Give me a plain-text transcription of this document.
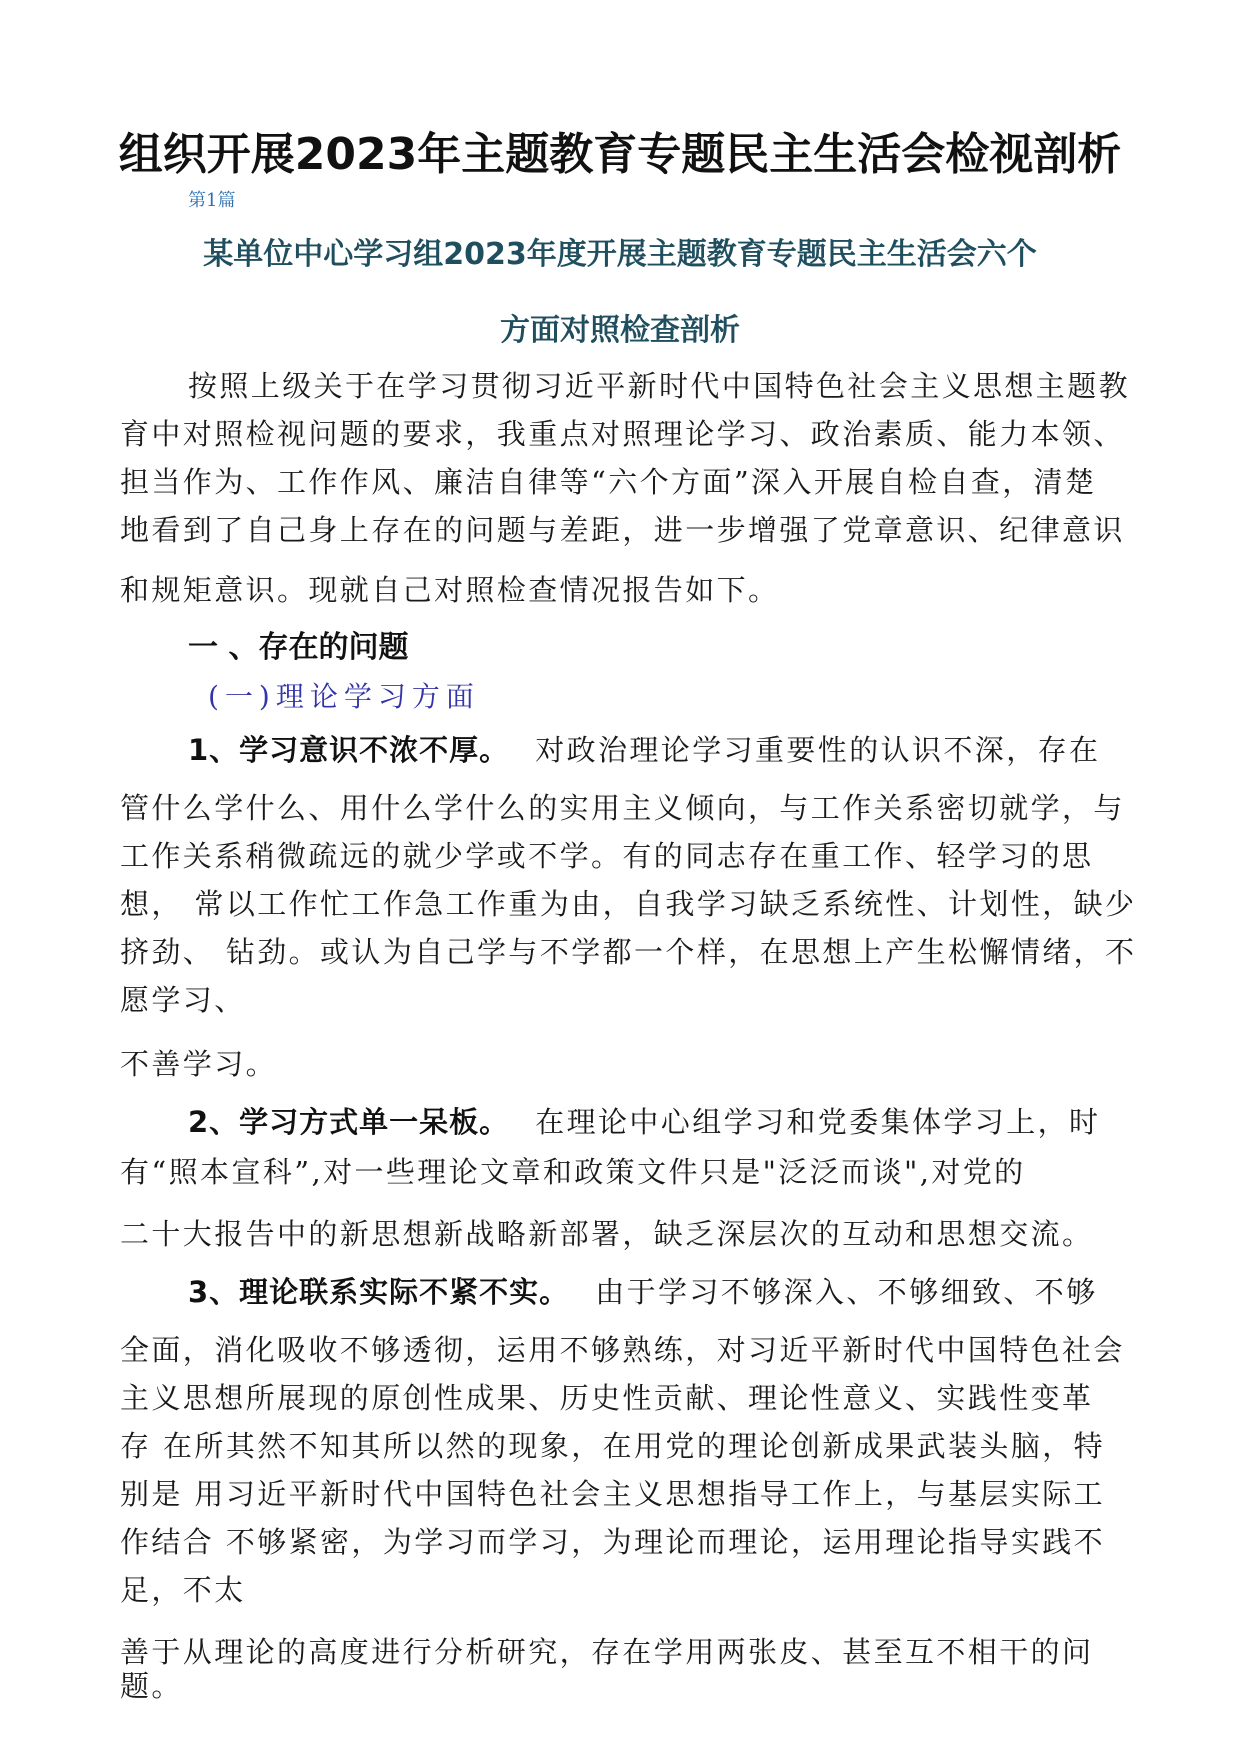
组织开展2023年主题教育专题民主生活会检视剖析
第1篇
某单位中心学习组2023年度开展主题教育专题民主生活会六个
方面对照检查剖析
按照上级关于在学习贯彻习近平新时代中国特色社会主义思想主题教
育中对照检视问题的要求，我重点对照理论学习、政治素质、能力本领、
担当作为、工作作风、廉洁自律等“六个方面”深入开展自检自查，清楚
地看到了自己身上存在的问题与差距，进一步增强了党章意识、纪律意识
和规矩意识。现就自己对照检查情况报告如下。
一 、存在的问题
(一)理论学习方面
1、学习意识不浓不厚。 对政治理论学习重要性的认识不深，存在
管什么学什么、用什么学什么的实用主义倾向，与工作关系密切就学，与
工作关系稍微疏远的就少学或不学。有的同志存在重工作、轻学习的思
想， 常以工作忙工作急工作重为由，自我学习缺乏系统性、计划性，缺少
挤劲、 钻劲。或认为自己学与不学都一个样，在思想上产生松懈情绪，不
愿学习、
不善学习。
2、学习方式单一呆板。 在理论中心组学习和党委集体学习上，时
有“照本宣科”,对一些理论文章和政策文件只是"泛泛而谈",对党的
二十大报告中的新思想新战略新部署，缺乏深层次的互动和思想交流。
3、理论联系实际不紧不实。 由于学习不够深入、不够细致、不够
全面，消化吸收不够透彻，运用不够熟练，对习近平新时代中国特色社会
主义思想所展现的原创性成果、历史性贡献、理论性意义、实践性变革
存 在所其然不知其所以然的现象，在用党的理论创新成果武装头脑，特
别是 用习近平新时代中国特色社会主义思想指导工作上，与基层实际工
作结合 不够紧密，为学习而学习，为理论而理论，运用理论指导实践不
足，不太
善于从理论的高度进行分析研究，存在学用两张皮、甚至互不相干的问
题。
